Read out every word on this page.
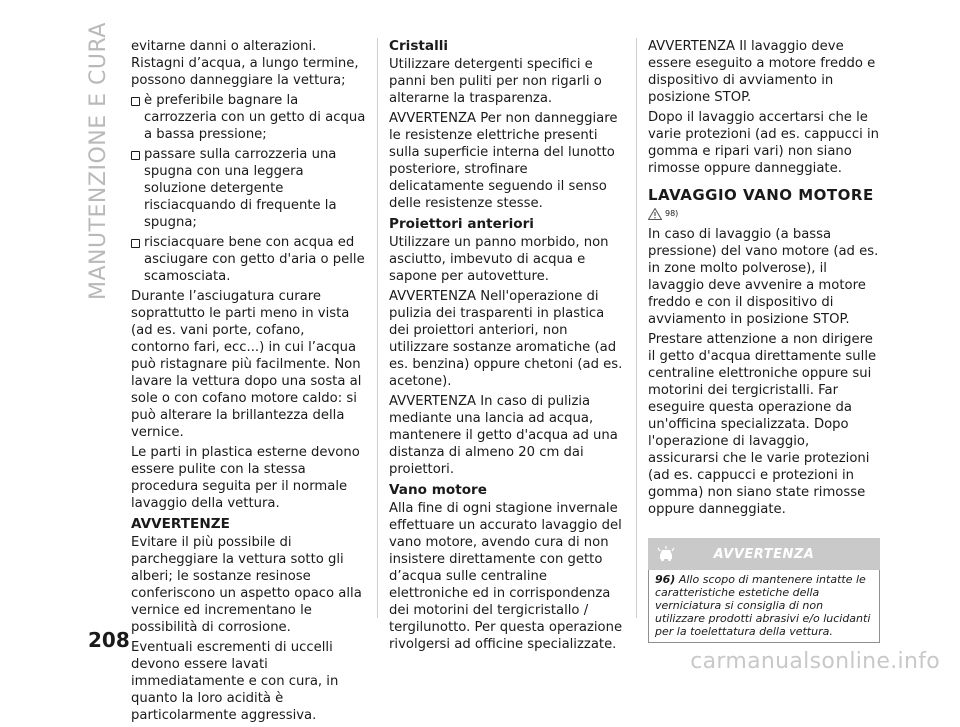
MANUTENZIONE E CURA
208

evitarne danni o alterazioni. Ristagni d’acqua, a lungo termine, possono danneggiare la vettura;

è preferibile bagnare la carrozzeria con un getto di acqua a bassa pressione;

passare sulla carrozzeria una spugna con una leggera soluzione detergente risciacquando di frequente la spugna;

risciacquare bene con acqua ed asciugare con getto d'aria o pelle scamosciata.

Durante l’asciugatura curare soprattutto le parti meno in vista (ad es. vani porte, cofano, contorno fari, ecc...) in cui l’acqua può ristagnare più facilmente. Non lavare la vettura dopo una sosta al sole o con cofano motore caldo: si può alterare la brillantezza della vernice.

Le parti in plastica esterne devono essere pulite con la stessa procedura seguita per il normale lavaggio della vettura.

AVVERTENZE

Evitare il più possibile di parcheggiare la vettura sotto gli alberi; le sostanze resinose conferiscono un aspetto opaco alla vernice ed incrementano le possibilità di corrosione.

Eventuali escrementi di uccelli devono essere lavati immediatamente e con cura, in quanto la loro acidità è particolarmente aggressiva.

Cristalli

Utilizzare detergenti specifici e panni ben puliti per non rigarli o alterarne la trasparenza.

AVVERTENZA Per non danneggiare le resistenze elettriche presenti sulla superficie interna del lunotto posteriore, strofinare delicatamente seguendo il senso delle resistenze stesse.

Proiettori anteriori

Utilizzare un panno morbido, non asciutto, imbevuto di acqua e sapone per autovetture.

AVVERTENZA Nell'operazione di pulizia dei trasparenti in plastica dei proiettori anteriori, non utilizzare sostanze aromatiche (ad es. benzina) oppure chetoni (ad es. acetone).

AVVERTENZA In caso di pulizia mediante una lancia ad acqua, mantenere il getto d'acqua ad una distanza di almeno 20 cm dai proiettori.

Vano motore

Alla fine di ogni stagione invernale effettuare un accurato lavaggio del vano motore, avendo cura di non insistere direttamente con getto d’acqua sulle centraline elettroniche ed in corrispondenza dei motorini del tergicristallo / tergilunotto. Per questa operazione rivolgersi ad officine specializzate.

AVVERTENZA Il lavaggio deve essere eseguito a motore freddo e dispositivo di avviamento in posizione STOP.

Dopo il lavaggio accertarsi che le varie protezioni (ad es. cappucci in gomma e ripari vari) non siano rimosse oppure danneggiate.

LAVAGGIO VANO MOTORE
98)

In caso di lavaggio (a bassa pressione) del vano motore (ad es. in zone molto polverose), il lavaggio deve avvenire a motore freddo e con il dispositivo di avviamento in posizione STOP.

Prestare attenzione a non dirigere il getto d'acqua direttamente sulle centraline elettroniche oppure sui motorini dei tergicristalli. Far eseguire questa operazione da un'officina specializzata. Dopo l'operazione di lavaggio, assicurarsi che le varie protezioni (ad es. cappucci e protezioni in gomma) non siano state rimosse oppure danneggiate.

AVVERTENZA
96) Allo scopo di mantenere intatte le caratteristiche estetiche della verniciatura si consiglia di non utilizzare prodotti abrasivi e/o lucidanti per la toelettatura della vettura.
carmanualsonline.info
